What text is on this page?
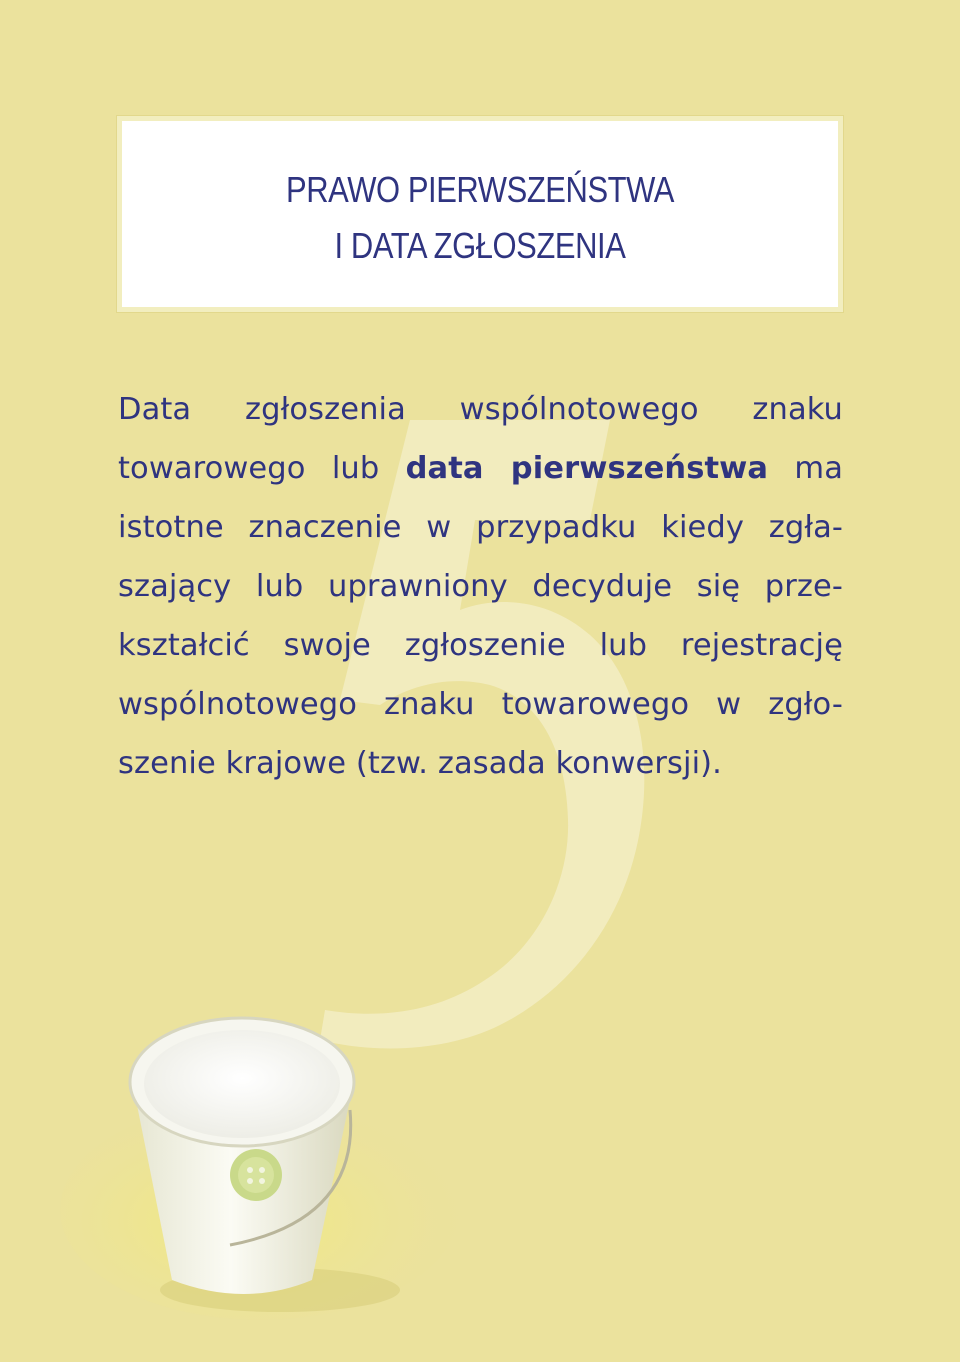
PRAWO PIERWSZEŃSTWA
I DATA ZGŁOSZENIA

Data zgłoszenia wspólnotowego znaku
towarowego lub data pierwszeństwa ma
istotne znaczenie w przypadku kiedy zgła-
szający lub uprawniony decyduje się prze-
kształcić swoje zgłoszenie lub rejestrację
wspólnotowego znaku towarowego w zgło-
szenie krajowe (tzw. zasada konwersji).
